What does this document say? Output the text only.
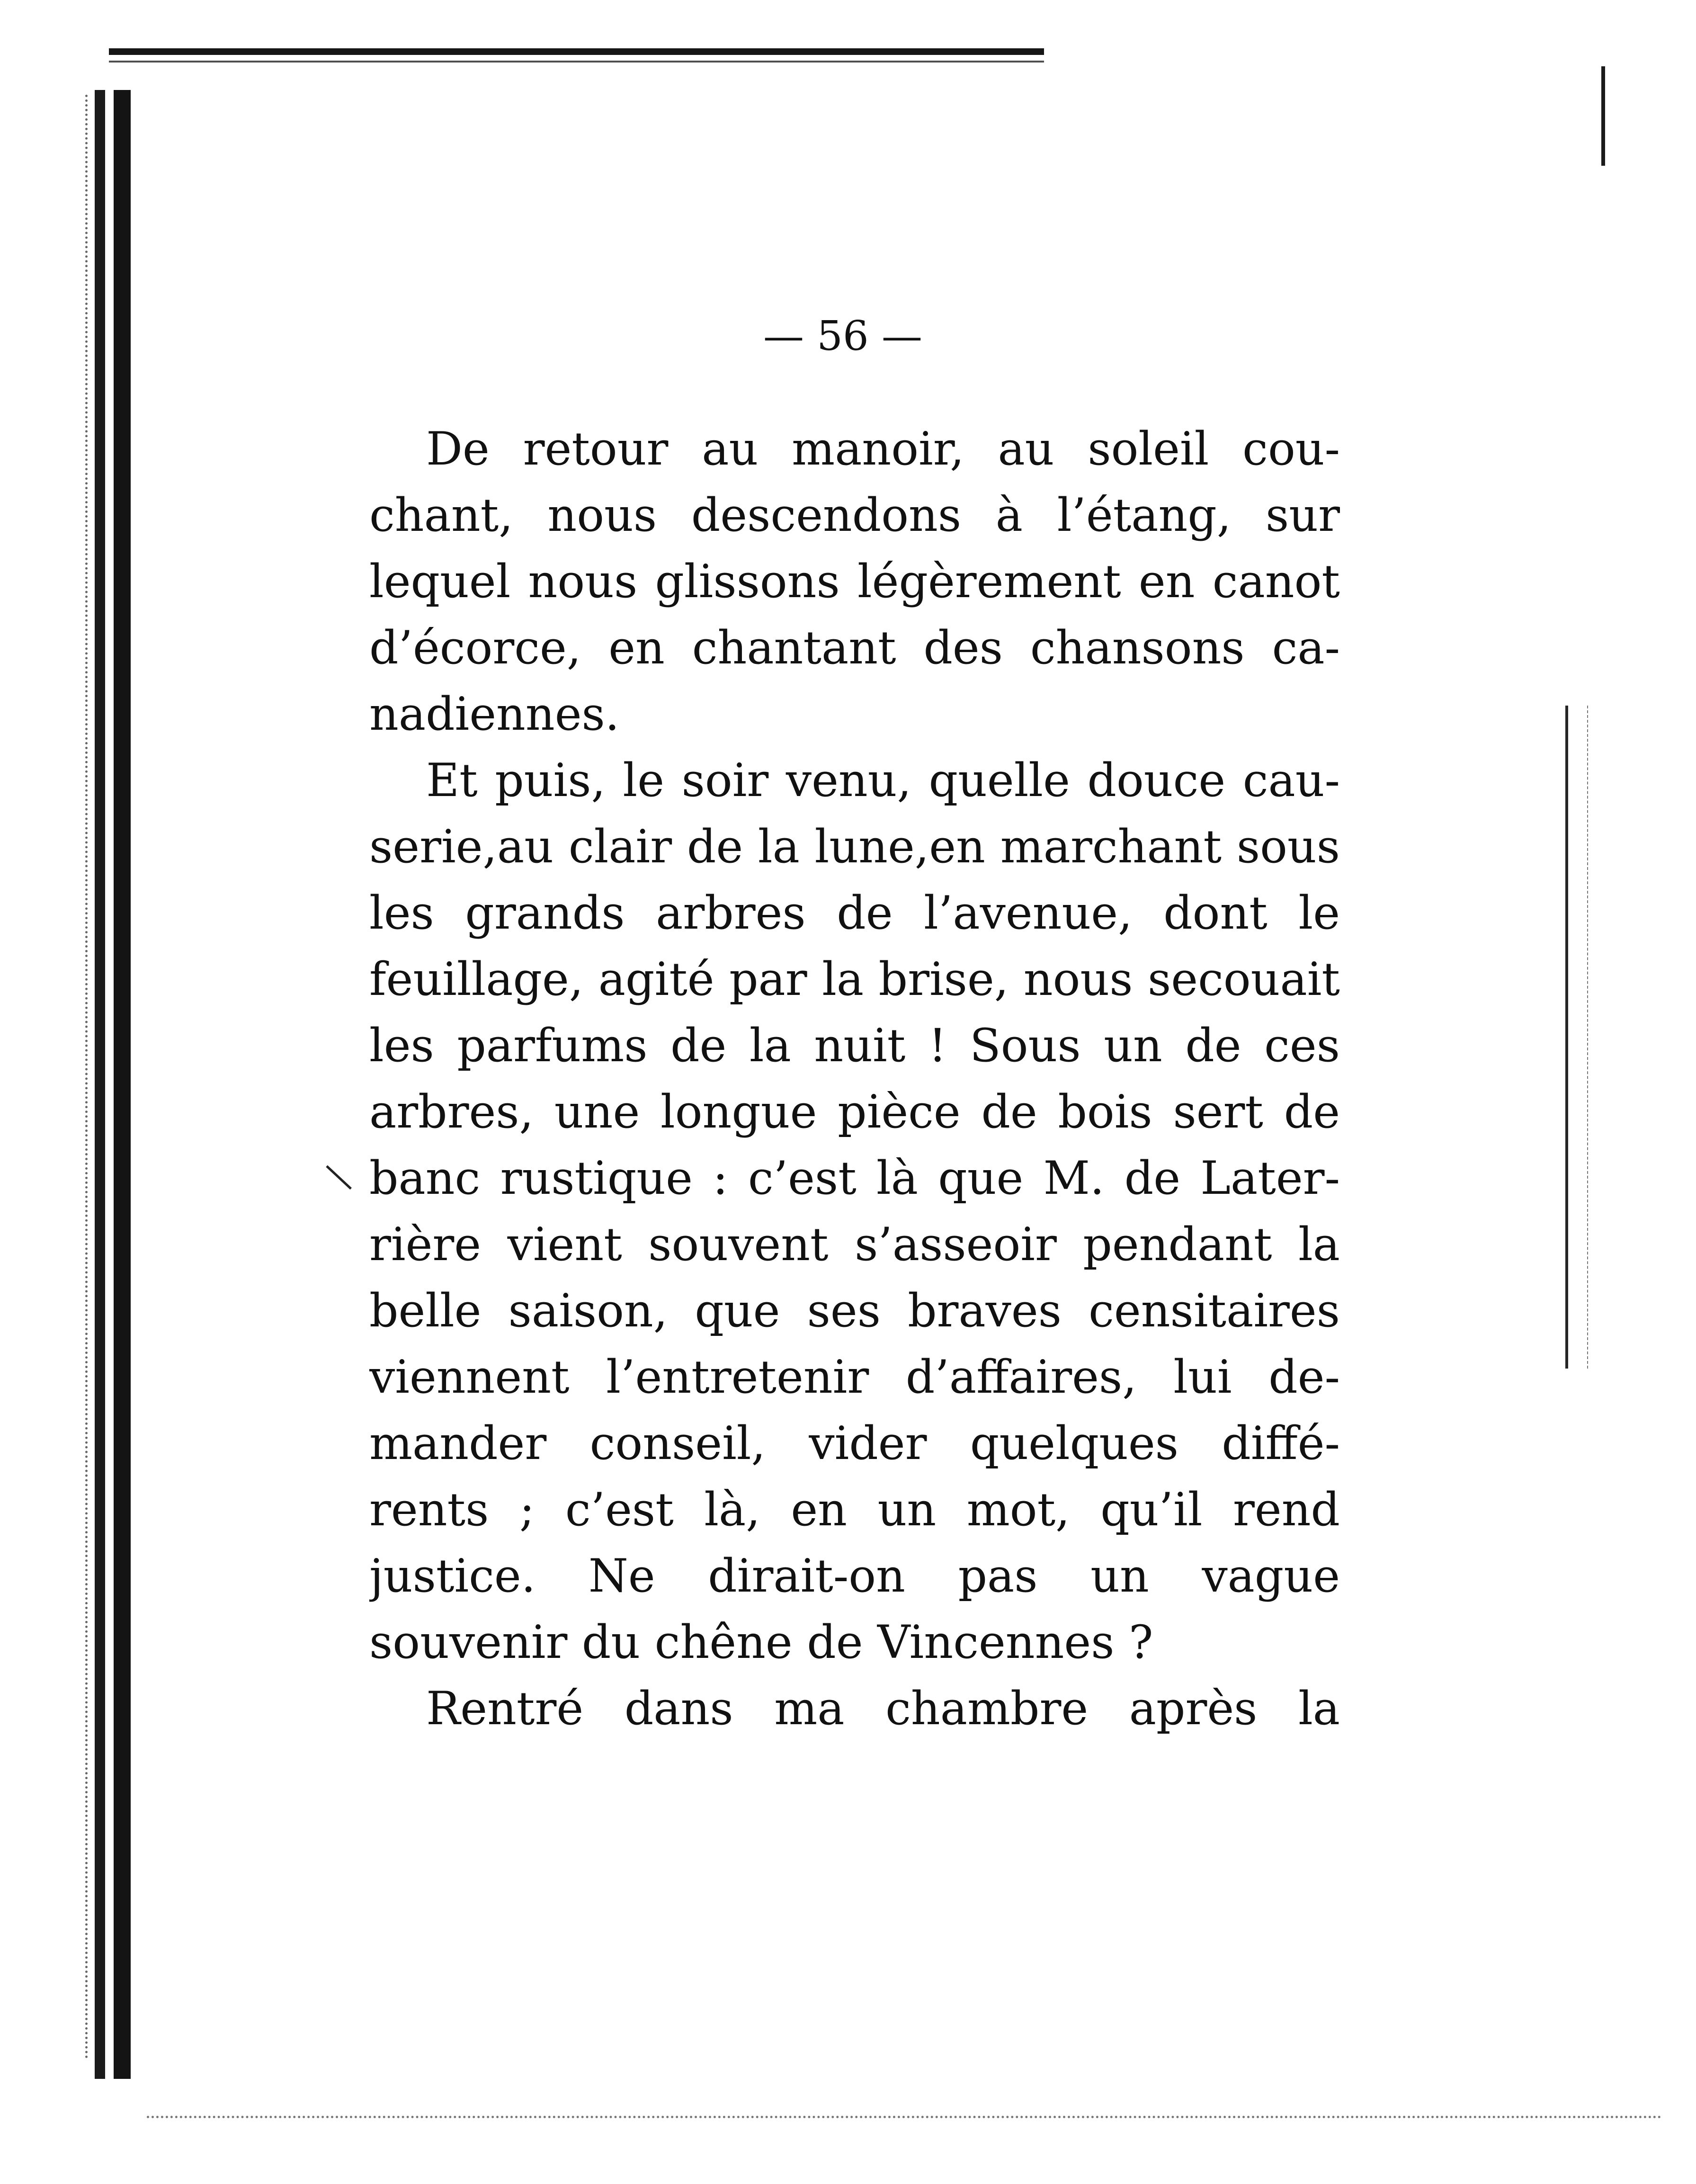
— 56 —
De retour au manoir, au soleil cou-
chant, nous descendons à l’étang, sur
lequel nous glissons légèrement en canot
d’écorce, en chantant des chansons ca-
nadiennes.
Et puis, le soir venu, quelle douce cau-
serie,au clair de la lune,en marchant sous
les grands arbres de l’avenue, dont le
feuillage, agité par la brise, nous secouait
les parfums de la nuit ! Sous un de ces
arbres, une longue pièce de bois sert de
banc rustique : c’est là que M. de Later-
rière vient souvent s’asseoir pendant la
belle saison, que ses braves censitaires
viennent l’entretenir d’affaires, lui de-
mander conseil, vider quelques diffé-
rents ; c’est là, en un mot, qu’il rend
justice. Ne dirait-on pas un vague
souvenir du chêne de Vincennes ?
Rentré dans ma chambre après la
